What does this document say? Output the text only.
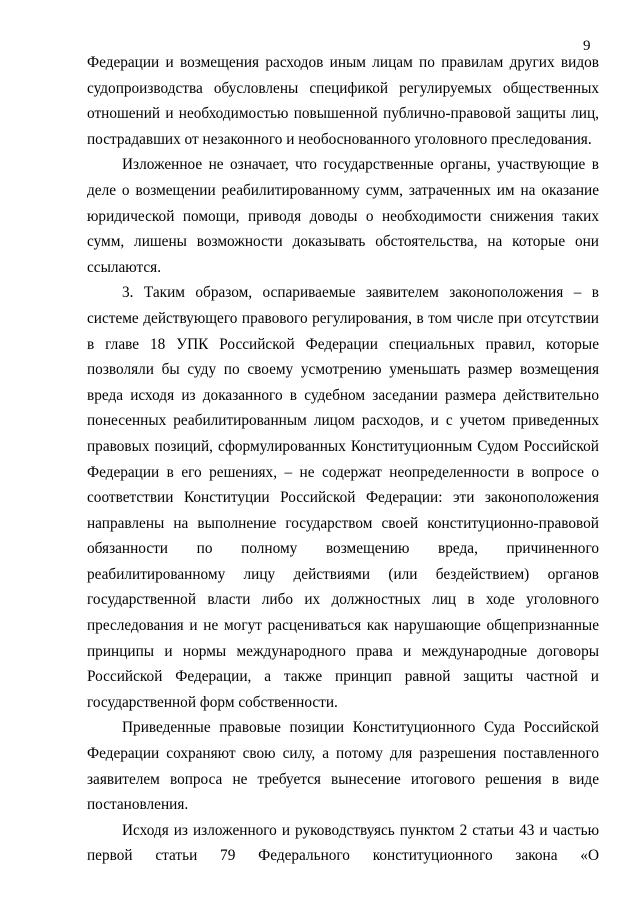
9

Федерации и возмещения расходов иным лицам по правилам других видов судопроизводства обусловлены спецификой регулируемых общественных отношений и необходимостью повышенной публично-правовой защиты лиц, пострадавших от незаконного и необоснованного уголовного преследования.

Изложенное не означает, что государственные органы, участвующие в деле о возмещении реабилитированному сумм, затраченных им на оказание юридической помощи, приводя доводы о необходимости снижения таких сумм, лишены возможности доказывать обстоятельства, на которые они ссылаются.

3. Таким образом, оспариваемые заявителем законоположения – в системе действующего правового регулирования, в том числе при отсутствии в главе 18 УПК Российской Федерации специальных правил, которые позволяли бы суду по своему усмотрению уменьшать размер возмещения вреда исходя из доказанного в судебном заседании размера действительно понесенных реабилитированным лицом расходов, и с учетом приведенных правовых позиций, сформулированных Конституционным Судом Российской Федерации в его решениях, – не содержат неопределенности в вопросе о соответствии Конституции Российской Федерации: эти законоположения направлены на выполнение государством своей конституционно-правовой обязанности по полному возмещению вреда, причиненного реабилитированному лицу действиями (или бездействием) органов государственной власти либо их должностных лиц в ходе уголовного преследования и не могут расцениваться как нарушающие общепризнанные принципы и нормы международного права и международные договоры Российской Федерации, а также принцип равной защиты частной и государственной форм собственности.

Приведенные правовые позиции Конституционного Суда Российской Федерации сохраняют свою силу, а потому для разрешения поставленного заявителем вопроса не требуется вынесение итогового решения в виде постановления.

Исходя из изложенного и руководствуясь пунктом 2 статьи 43 и частью первой статьи 79 Федерального конституционного закона «О
